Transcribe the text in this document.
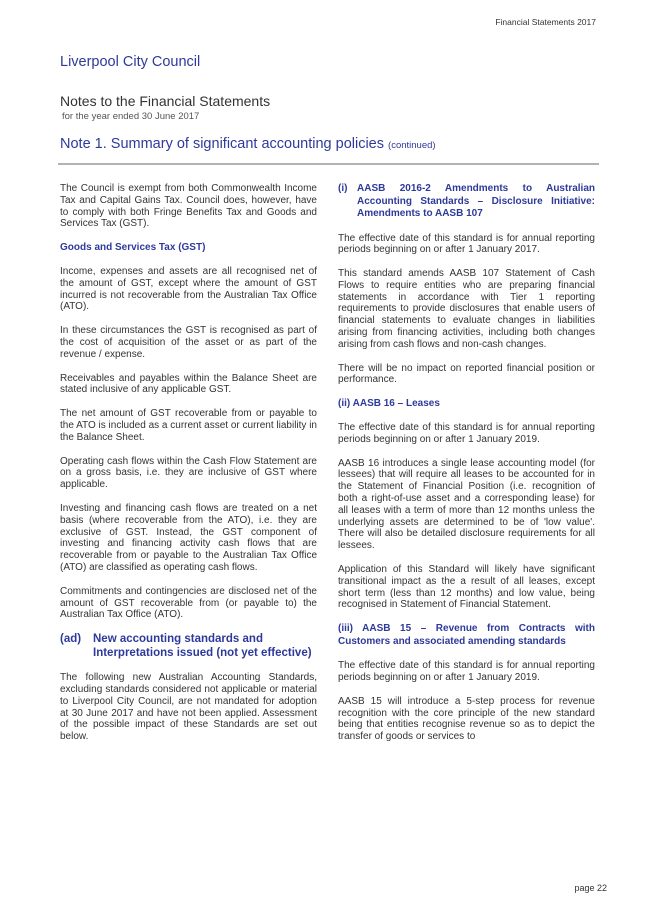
Financial Statements 2017
Liverpool City Council
Notes to the Financial Statements
for the year ended 30 June 2017
Note 1. Summary of significant accounting policies (continued)

The Council is exempt from both Commonwealth Income Tax and Capital Gains Tax. Council does, however, have to comply with both Fringe Benefits Tax and Goods and Services Tax (GST).

Goods and Services Tax (GST)

Income, expenses and assets are all recognised net of the amount of GST, except where the amount of GST incurred is not recoverable from the Australian Tax Office (ATO).

In these circumstances the GST is recognised as part of the cost of acquisition of the asset or as part of the revenue / expense.

Receivables and payables within the Balance Sheet are stated inclusive of any applicable GST.

The net amount of GST recoverable from or payable to the ATO is included as a current asset or current liability in the Balance Sheet.

Operating cash flows within the Cash Flow Statement are on a gross basis, i.e. they are inclusive of GST where applicable.

Investing and financing cash flows are treated on a net basis (where recoverable from the ATO), i.e. they are exclusive of GST. Instead, the GST component of investing and financing activity cash flows that are recoverable from or payable to the Australian Tax Office (ATO) are classified as operating cash flows.

Commitments and contingencies are disclosed net of the amount of GST recoverable from (or payable to) the Australian Tax Office (ATO).

(ad)	New accounting standards and Interpretations issued (not yet effective)

The following new Australian Accounting Standards, excluding standards considered not applicable or material to Liverpool City Council, are not mandated for adoption at 30 June 2017 and have not been applied. Assessment of the possible impact of these Standards are set out below.

(i) AASB 2016-2 Amendments to Australian Accounting Standards – Disclosure Initiative: Amendments to AASB 107

The effective date of this standard is for annual reporting periods beginning on or after 1 January 2017.

This standard amends AASB 107 Statement of Cash Flows to require entities who are preparing financial statements in accordance with Tier 1 reporting requirements to provide disclosures that enable users of financial statements to evaluate changes in liabilities arising from financing activities, including both changes arising from cash flows and non-cash changes.

There will be no impact on reported financial position or performance.

(ii) AASB 16 – Leases

The effective date of this standard is for annual reporting periods beginning on or after 1 January 2019.

AASB 16 introduces a single lease accounting model (for lessees) that will require all leases to be accounted for in the Statement of Financial Position (i.e. recognition of both a right-of-use asset and a corresponding lease) for all leases with a term of more than 12 months unless the underlying assets are determined to be of 'low value'. There will also be detailed disclosure requirements for all lessees.

Application of this Standard will likely have significant transitional impact as the a result of all leases, except short term (less than 12 months) and low value, being recognised in Statement of Financial Statement.

(iii) AASB 15 – Revenue from Contracts with Customers and associated amending standards

The effective date of this standard is for annual reporting periods beginning on or after 1 January 2019.

AASB 15 will introduce a 5-step process for revenue recognition with the core principle of the new standard being that entities recognise revenue so as to depict the transfer of goods or services to

page 22
